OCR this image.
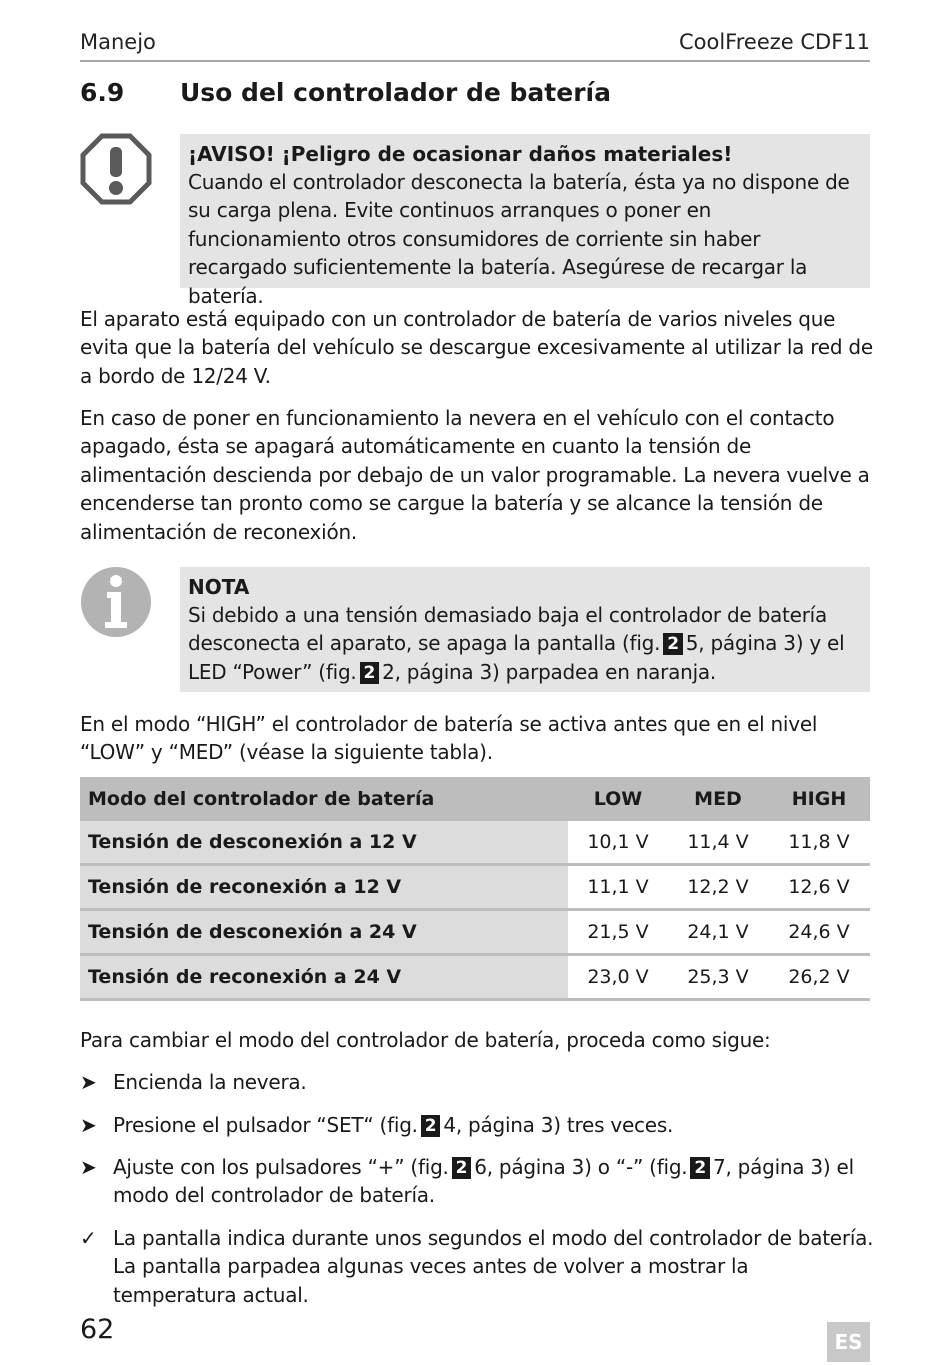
Manejo	CoolFreeze CDF11
6.9 Uso del controlador de batería
¡AVISO! ¡Peligro de ocasionar daños materiales!
Cuando el controlador desconecta la batería, ésta ya no dispone de su carga plena. Evite continuos arranques o poner en funcionamiento otros consumidores de corriente sin haber recargado suficientemente la batería. Asegúrese de recargar la batería.
El aparato está equipado con un controlador de batería de varios niveles que evita que la batería del vehículo se descargue excesivamente al utilizar la red de a bordo de 12/24 V.
En caso de poner en funcionamiento la nevera en el vehículo con el contacto apagado, ésta se apagará automáticamente en cuanto la tensión de alimentación descienda por debajo de un valor programable. La nevera vuelve a encenderse tan pronto como se cargue la batería y se alcance la tensión de alimentación de reconexión.
NOTA
Si debido a una tensión demasiado baja el controlador de batería desconecta el aparato, se apaga la pantalla (fig. 2 5, página 3) y el LED “Power” (fig. 2 2, página 3) parpadea en naranja.
En el modo “HIGH” el controlador de batería se activa antes que en el nivel “LOW” y “MED” (véase la siguiente tabla).
Modo del controlador de batería	LOW	MED	HIGH
Tensión de desconexión a 12 V	10,1 V	11,4 V	11,8 V
Tensión de reconexión a 12 V	11,1 V	12,2 V	12,6 V
Tensión de desconexión a 24 V	21,5 V	24,1 V	24,6 V
Tensión de reconexión a 24 V	23,0 V	25,3 V	26,2 V
Para cambiar el modo del controlador de batería, proceda como sigue:
➤ Encienda la nevera.
➤ Presione el pulsador “SET“ (fig. 2 4, página 3) tres veces.
➤ Ajuste con los pulsadores “+” (fig. 2 6, página 3) o “-” (fig. 2 7, página 3) el modo del controlador de batería.
✓ La pantalla indica durante unos segundos el modo del controlador de batería. La pantalla parpadea algunas veces antes de volver a mostrar la temperatura actual.
62	ES
